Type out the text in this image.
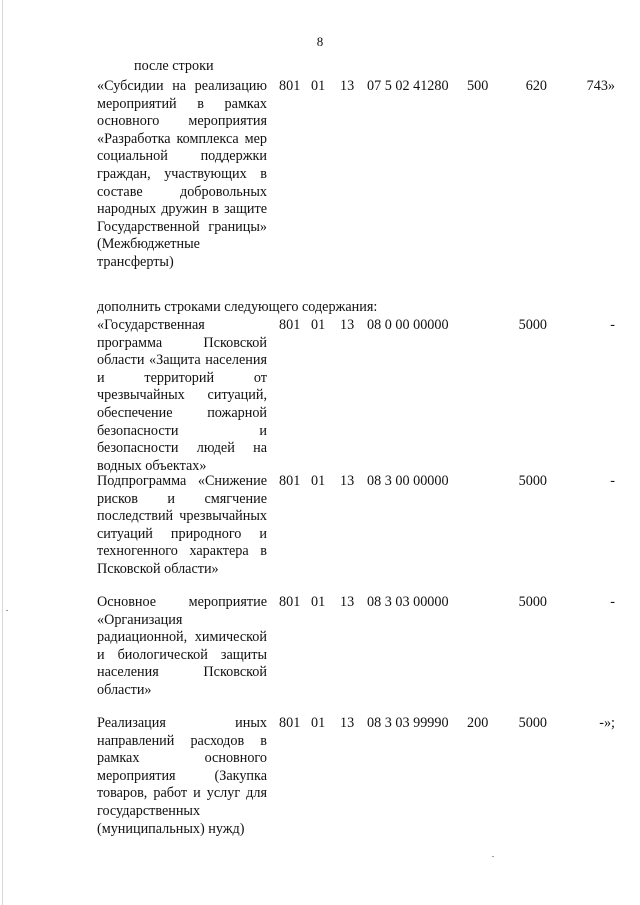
8
после строки
«Субсидии на реализацию мероприятий в рамках основного мероприятия «Разработка комплекса мер социальной поддержки граждан, участвующих в составе добровольных народных дружин в защите Государственной границы» (Межбюджетные трансферты)
801 01 13 07 5 02 41280 500	620	743»
дополнить строками следующего содержания:
«Государственная программа Псковской области «Защита населения и территорий от чрезвычайных ситуаций, обеспечение пожарной безопасности и безопасности людей на водных объектах»
801 01 13 08 0 00 00000	5000	-
Подпрограмма «Снижение рисков и смягчение последствий чрезвычайных ситуаций природного и техногенного характера в Псковской области»
801 01 13 08 3 00 00000	5000	-
Основное мероприятие «Организация радиационной, химической и биологической защиты населения Псковской области»
801 01 13 08 3 03 00000	5000	-
Реализация иных направлений расходов в рамках основного мероприятия (Закупка товаров, работ и услуг для государственных (муниципальных) нужд)
801 01 13 08 3 03 99990 200	5000	-»;
